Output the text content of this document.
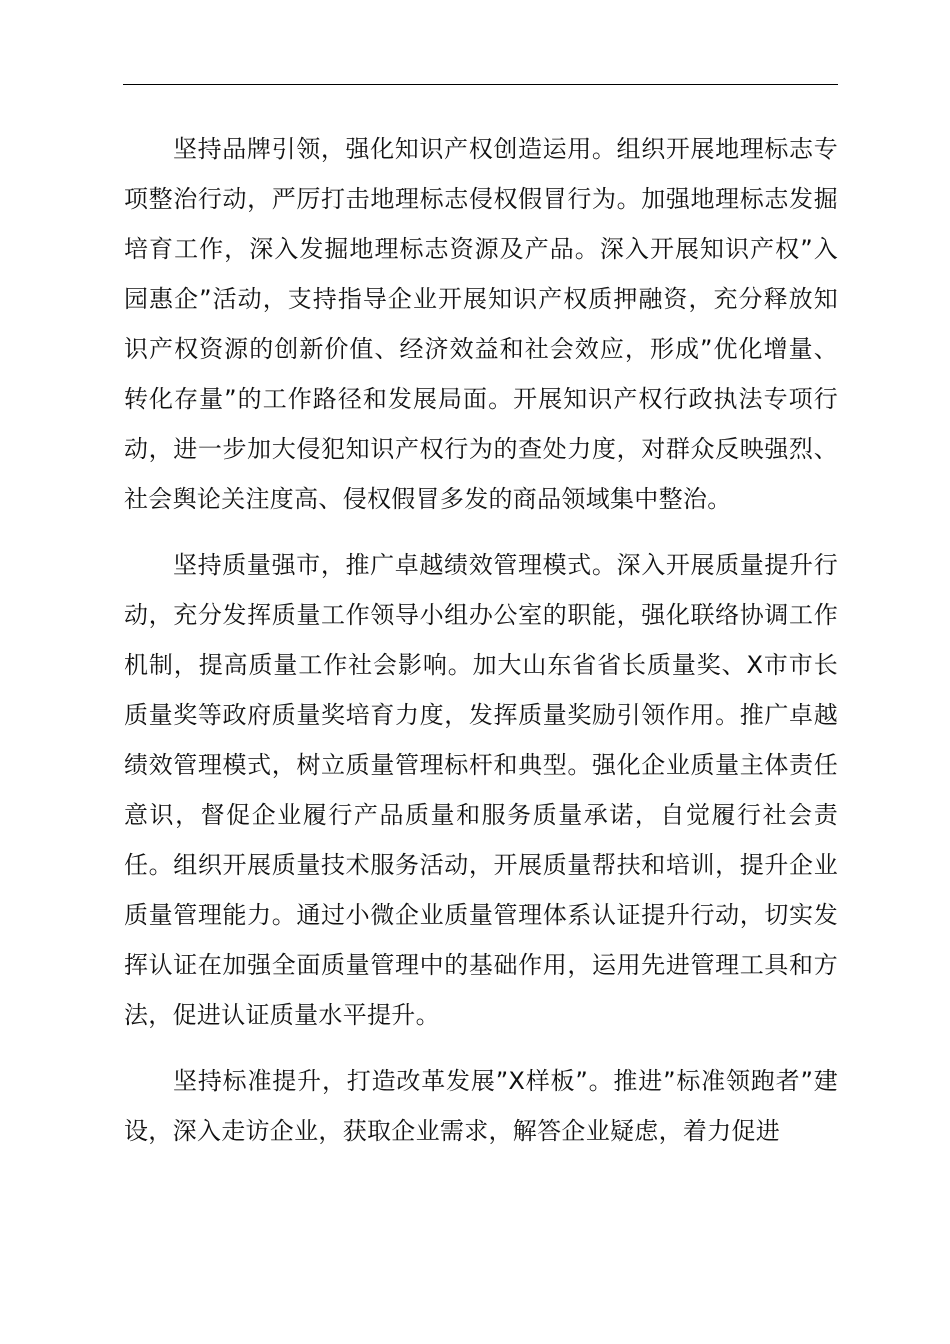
坚持品牌引领，强化知识产权创造运用。组织开展地理标志专项整治行动，严厉打击地理标志侵权假冒行为。加强地理标志发掘培育工作，深入发掘地理标志资源及产品。深入开展知识产权”入园惠企”活动，支持指导企业开展知识产权质押融资，充分释放知识产权资源的创新价值、经济效益和社会效应，形成”优化增量、转化存量”的工作路径和发展局面。开展知识产权行政执法专项行动，进一步加大侵犯知识产权行为的查处力度，对群众反映强烈、社会舆论关注度高、侵权假冒多发的商品领域集中整治。

坚持质量强市，推广卓越绩效管理模式。深入开展质量提升行动，充分发挥质量工作领导小组办公室的职能，强化联络协调工作机制，提高质量工作社会影响。加大山东省省长质量奖、X市市长质量奖等政府质量奖培育力度，发挥质量奖励引领作用。推广卓越绩效管理模式，树立质量管理标杆和典型。强化企业质量主体责任意识，督促企业履行产品质量和服务质量承诺，自觉履行社会责任。组织开展质量技术服务活动，开展质量帮扶和培训，提升企业质量管理能力。通过小微企业质量管理体系认证提升行动，切实发挥认证在加强全面质量管理中的基础作用，运用先进管理工具和方法，促进认证质量水平提升。

坚持标准提升，打造改革发展”X样板”。推进”标准领跑者”建设，深入走访企业，获取企业需求，解答企业疑虑，着力促进
